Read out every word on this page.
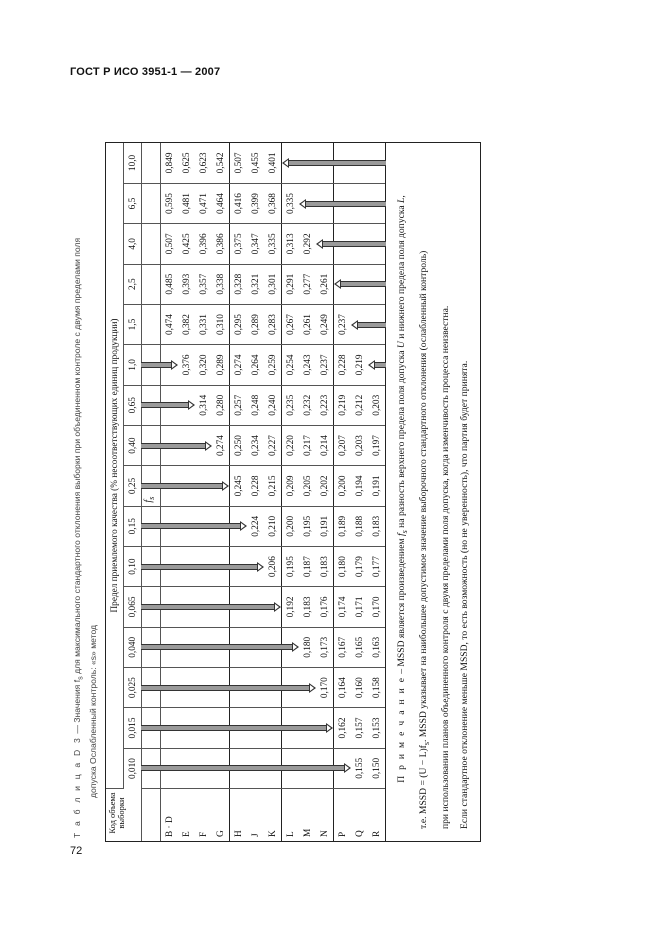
ГОСТ Р ИСО 3951-1 — 2007
Т а б л и ц а D 3 — Значения $f_s$ для максимального стандартного отклонения выборки при объединенном контроле с двумя пределами поля
допуска Ослабленный контроль: «s» метод
Код объема выборки	Предел приемлемого качества (% несоответствующих единиц продукции)															
	0,010	0,015	0,025	0,040	0,065	0,10	0,15	0,25	0,40	0,65	1,0	1,5	2,5	4,0	6,5	10,0

								$f_s$

B · D												0,474	0,485	0,507	0,595	0,849
E											0,376	0,382	0,393	0,425	0,481	0,625
F										0,314	0,320	0,331	0,357	0,396	0,471	0,623
G									0,274	0,280	0,289	0,310	0,338	0,386	0,464	0,542
H								0,245	0,250	0,257	0,274	0,295	0,328	0,375	0,416	0,507
J							0,224	0,228	0,234	0,248	0,264	0,289	0,321	0,347	0,399	0,455
K						0,206	0,210	0,215	0,227	0,240	0,259	0,283	0,301	0,335	0,368	0,401
L					0,192	0,195	0,200	0,209	0,220	0,235	0,254	0,267	0,291	0,313	0,335	

M				0,180	0,183	0,187	0,195	0,205	0,217	0,232	0,243	0,261	0,277	0,292	

N			0,170	0,173	0,176	0,183	0,191	0,202	0,214	0,223	0,237	0,249	0,261	

P		0,162	0,164	0,167	0,174	0,180	0,189	0,200	0,207	0,219	0,228	0,237	

Q	0,155	0,157	0,160	0,165	0,171	0,179	0,188	0,194	0,203	0,212	0,219	

R	0,150	0,153	0,158	0,163	0,170	0,177	0,183	0,191	0,197	0,203	

П р и м е ч а н и е – MSSD является произведением $f_s$ на разность верхнего предела поля допуска U и нижнего предела поля допуска L,
т.е. MSSD = $(U - L)f_s$. MSSD указывает на наибольшее допустимое значение выборочного стандартного отклонения (ослабленный контроль)	при использовании планов объединенного контроля с двумя пределами поля допуска, когда изменчивость процесса неизвестна. Если стандартное отклонение меньше MSSD, то есть возможность (но не уверенность), что партия будет принята.
72
